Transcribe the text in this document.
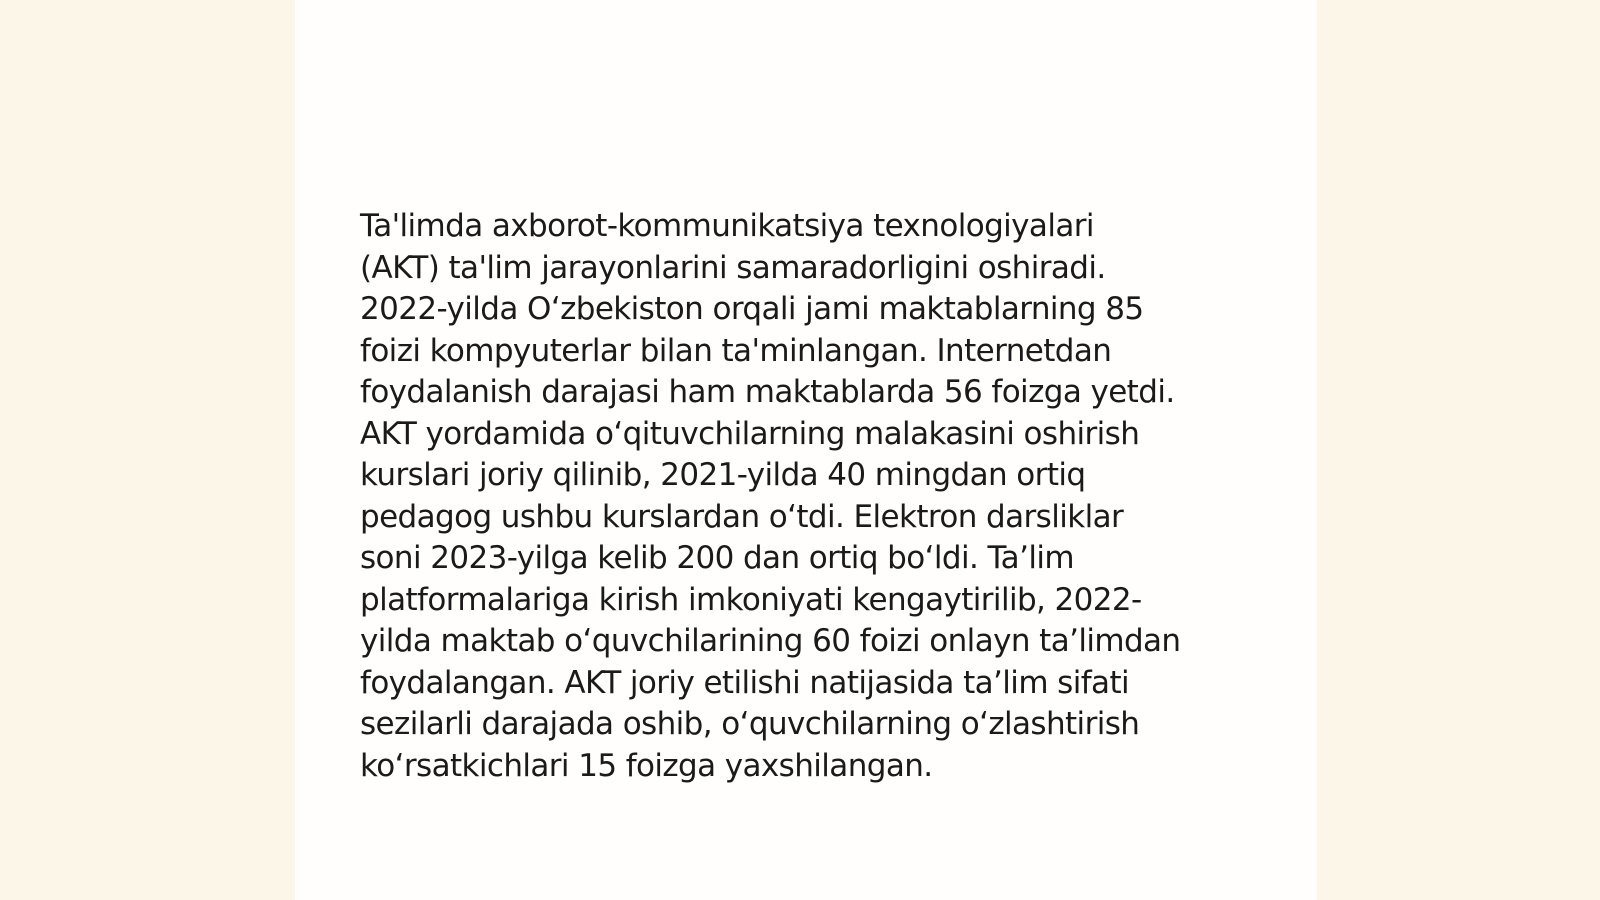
Ta'limda axborot-kommunikatsiya texnologiyalari
(AKT) ta'lim jarayonlarini samaradorligini oshiradi.
2022-yilda O‘zbekiston orqali jami maktablarning 85
foizi kompyuterlar bilan ta'minlangan. Internetdan
foydalanish darajasi ham maktablarda 56 foizga yetdi.
AKT yordamida o‘qituvchilarning malakasini oshirish
kurslari joriy qilinib, 2021-yilda 40 mingdan ortiq
pedagog ushbu kurslardan o‘tdi. Elektron darsliklar
soni 2023-yilga kelib 200 dan ortiq bo‘ldi. Ta’lim
platformalariga kirish imkoniyati kengaytirilib, 2022-
yilda maktab o‘quvchilarining 60 foizi onlayn ta’limdan
foydalangan. AKT joriy etilishi natijasida ta’lim sifati
sezilarli darajada oshib, o‘quvchilarning o‘zlashtirish
ko‘rsatkichlari 15 foizga yaxshilangan.
